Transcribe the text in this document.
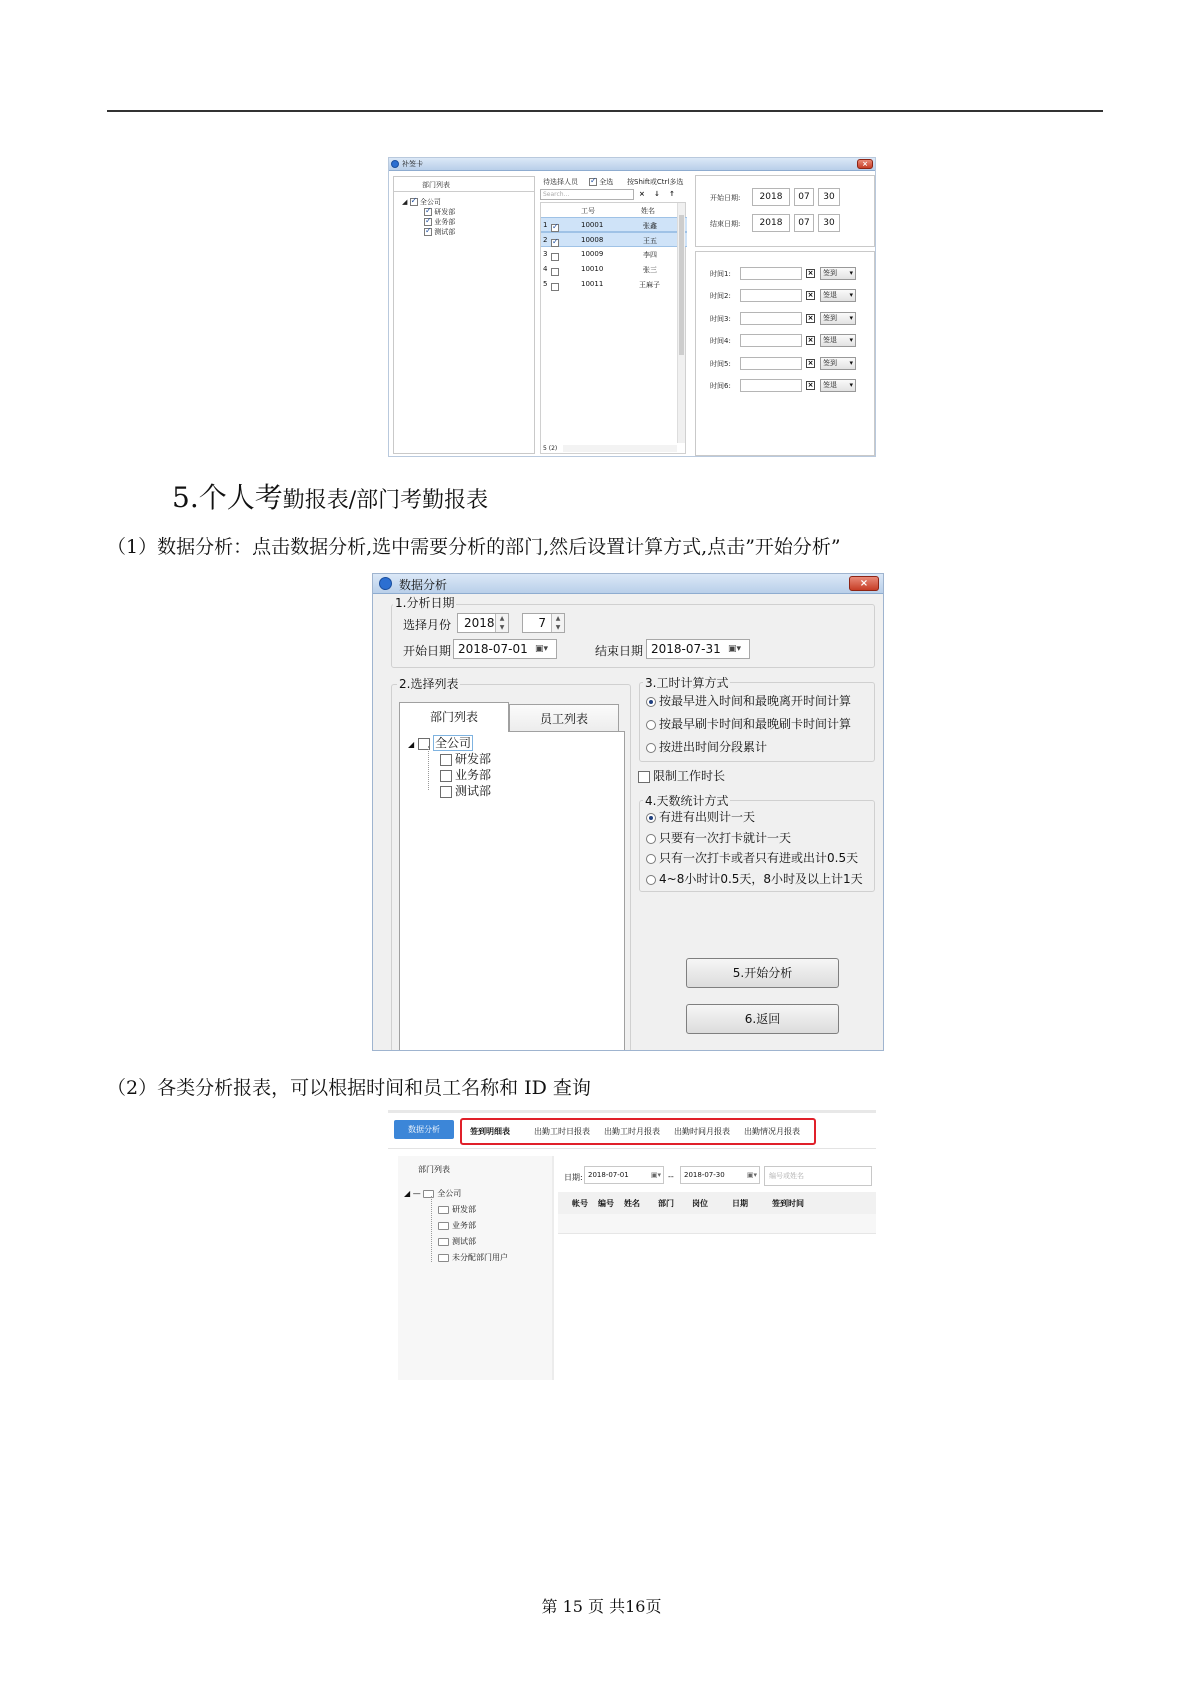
补签卡	×
部门列表
◢ ✓ 全公司
✓ 研发部
✓ 业务部
✓ 测试部
待选择人员 ✓	全选 按Shift或Ctrl多选
Search...	× ↓ ↑
工号	姓名
1 ✓	10001	张鑫
2 ✓	10008	王五
3	10009	李四
4	10010	张三
5	10011	王麻子
5 (2)
开始日期:	2018	07	30
结束日期:	2018	07	30
时间1:	×	签到 ▾
时间2:	×	签退 ▾
时间3:	×	签到 ▾
时间4:	×	签退 ▾
时间5:	×	签到 ▾
时间6:	×	签退 ▾
5.个人考勤报表/部门考勤报表
（1）数据分析：点击数据分析,选中需要分析的部门,然后设置计算方式,点击”开始分析”
数据分析	×
1.分析日期
选择月份	2018 ▲
▼	7	▲
▼
开始日期 2018-07-01 ▣▾	结束日期 2018-07-31 ▣▾
2.选择列表
部门列表	员工列表
◢ 全公司
研发部
业务部
测试部
3.工时计算方式
按最早进入时间和最晚离开时间计算
按最早刷卡时间和最晚刷卡时间计算
按进出时间分段累计
限制工作时长
4.天数统计方式
有进有出则计一天
只要有一次打卡就计一天
只有一次打卡或者只有进或出计0.5天
4~8小时计0.5天，8小时及以上计1天
5.开始分析
6.返回
（2）各类分析报表，可以根据时间和员工名称和 ID 查询
数据分析	签到明细表	出勤工时日报表 出勤工时月报表 出勤时间月报表 出勤情况月报表
部门列表
◢ — 全公司
研发部
业务部
测试部
未分配部门用户
日期: 2018-07-01	▣▾ --	2018-07-30	▣▾	编号或姓名
帐号 编号 姓名 部门 岗位	日期	签到时间
第 15 页 共16页
